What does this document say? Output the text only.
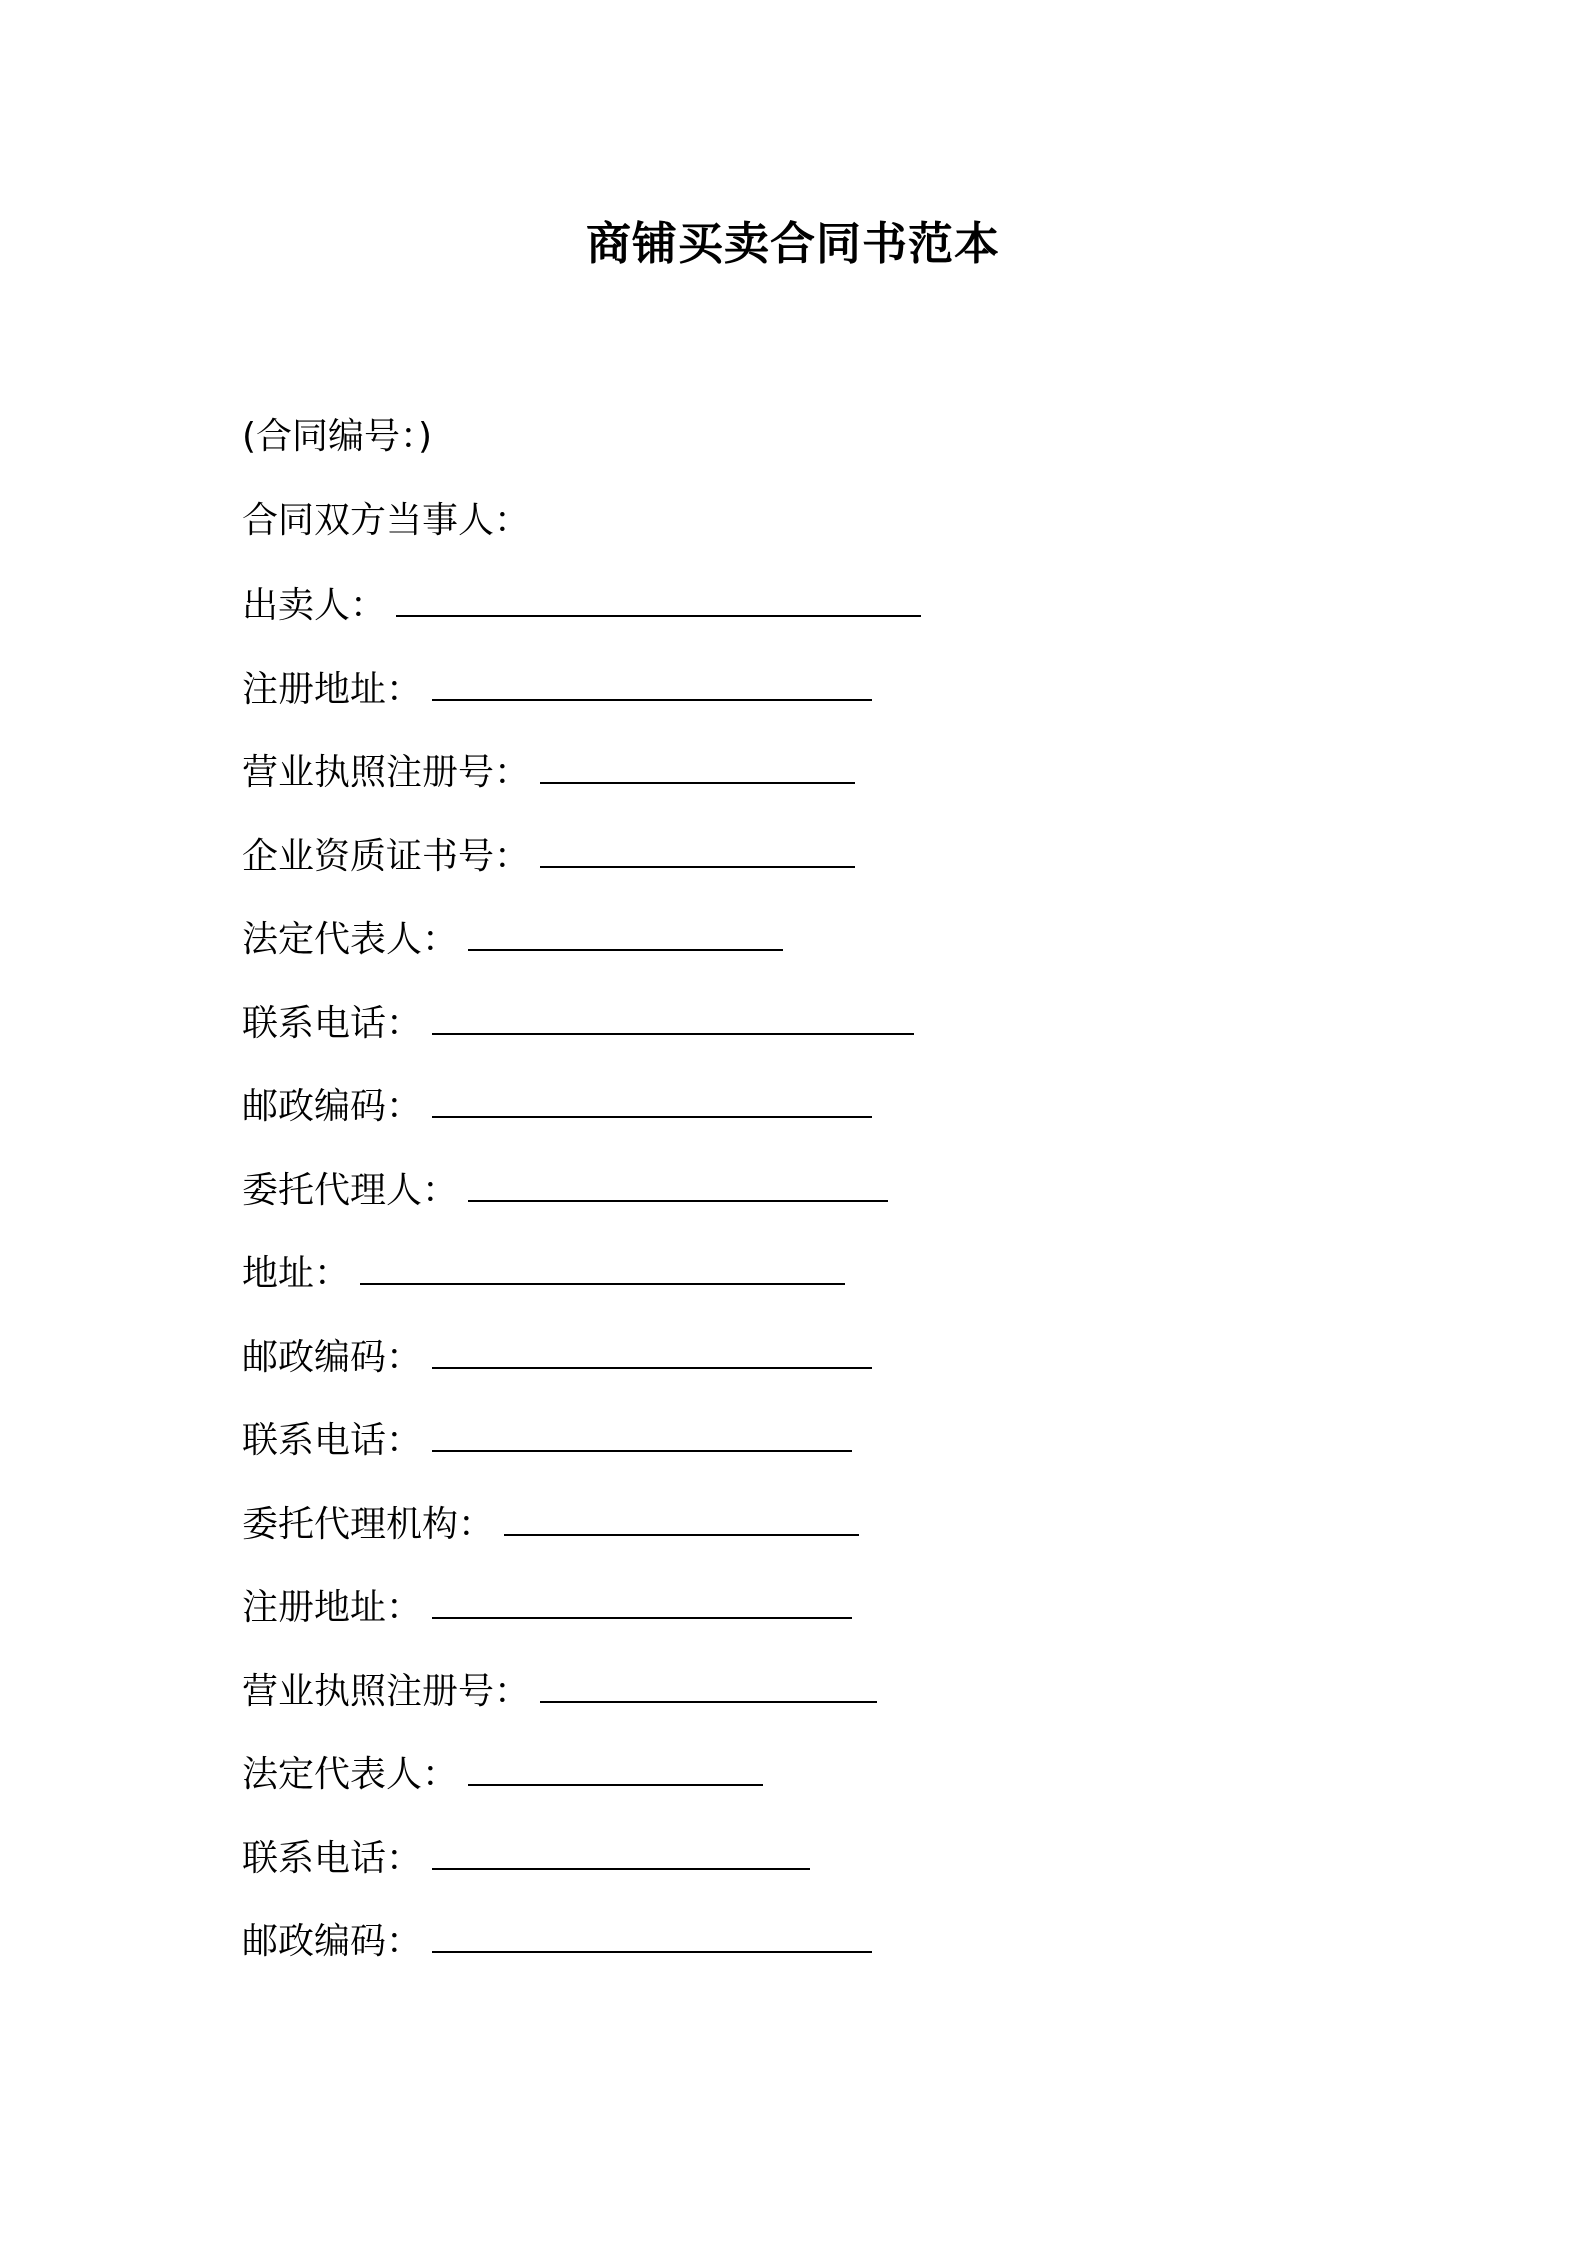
商铺买卖合同书范本
(合同编号：)
合同双方当事人：
出卖人：
注册地址：
营业执照注册号：
企业资质证书号：
法定代表人：
联系电话：
邮政编码：
委托代理人：
地址：
邮政编码：
联系电话：
委托代理机构：
注册地址：
营业执照注册号：
法定代表人：
联系电话：
邮政编码：
